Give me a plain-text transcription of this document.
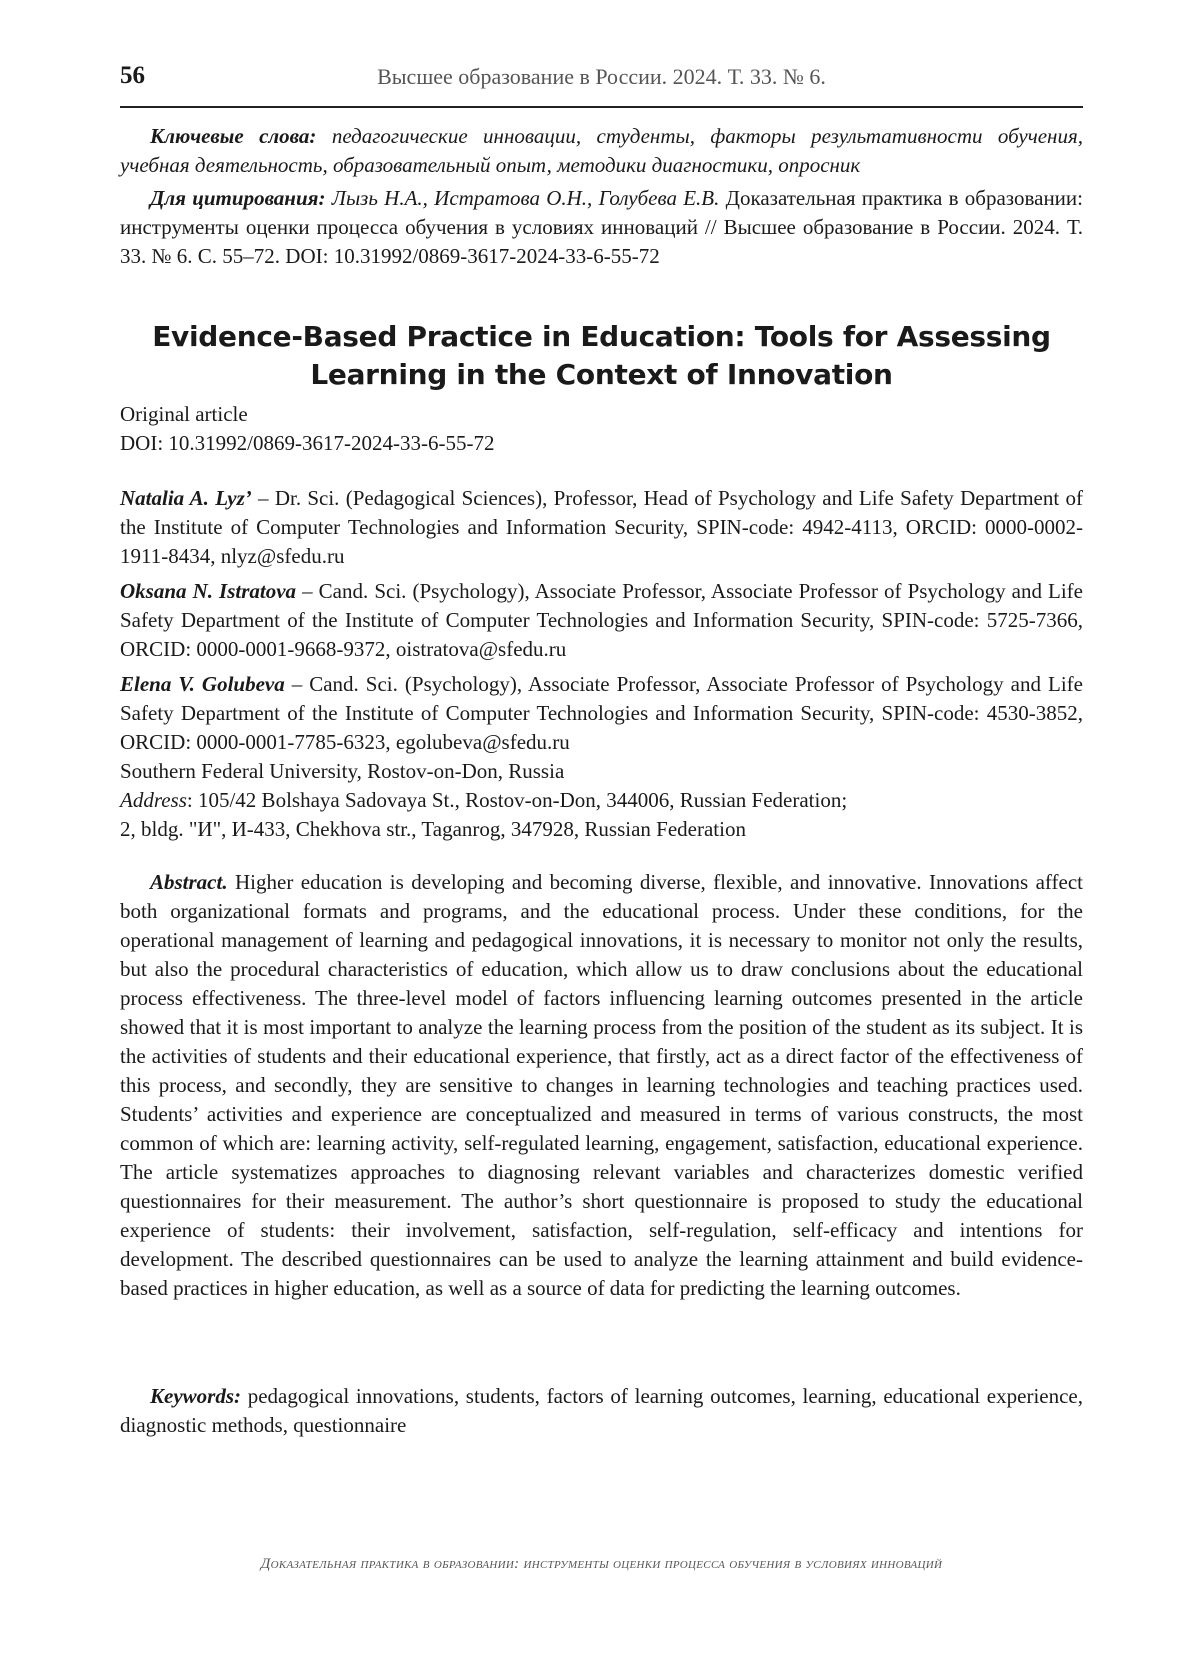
56	Высшее образование в России. 2024. Т. 33. № 6.
Ключевые слова: педагогические инновации, студенты, факторы результативности обучения, учебная деятельность, образовательный опыт, методики диагностики, опросник
Для цитирования: Лызь Н.А., Истратова О.Н., Голубева Е.В. Доказательная практика в образовании: инструменты оценки процесса обучения в условиях инноваций // Высшее образование в России. 2024. Т. 33. № 6. С. 55–72. DOI: 10.31992/0869-3617-2024-33-6-55-72
Evidence-Based Practice in Education: Tools for Assessing Learning in the Context of Innovation

Original article

DOI: 10.31992/0869-3617-2024-33-6-55-72

Natalia A. Lyz’ – Dr. Sci. (Pedagogical Sciences), Professor, Head of Psychology and Life Safety Department of the Institute of Computer Technologies and Information Security, SPIN-code: 4942-4113, ORCID: 0000-0002-1911-8434, nlyz@sfedu.ru

Oksana N. Istratova – Cand. Sci. (Psychology), Associate Professor, Associate Professor of Psychology and Life Safety Department of the Institute of Computer Technologies and Information Security, SPIN-code: 5725-7366, ORCID: 0000-0001-9668-9372, oistratova@sfedu.ru

Elena V. Golubeva – Cand. Sci. (Psychology), Associate Professor, Associate Professor of Psychology and Life Safety Department of the Institute of Computer Technologies and Information Security, SPIN-code: 4530-3852, ORCID: 0000-0001-7785-6323, egolubeva@sfedu.ru

Southern Federal University, Rostov-on-Don, Russia

Address: 105/42 Bolshaya Sadovaya St., Rostov-on-Don, 344006, Russian Federation;

2, bldg. "И", И-433, Chekhova str., Taganrog, 347928, Russian Federation

Abstract. Higher education is developing and becoming diverse, flexible, and innovative. Innovations affect both organizational formats and programs, and the educational process. Under these conditions, for the operational management of learning and pedagogical innovations, it is necessary to monitor not only the results, but also the procedural characteristics of education, which allow us to draw conclusions about the educational process effectiveness. The three-level model of factors influencing learning outcomes presented in the article showed that it is most important to analyze the learning process from the position of the student as its subject. It is the activities of students and their educational experience, that firstly, act as a direct factor of the effectiveness of this process, and secondly, they are sensitive to changes in learning technologies and teaching practices used. Students’ activities and experience are conceptualized and measured in terms of various constructs, the most common of which are: learning activity, self-regulated learning, engagement, satisfaction, educational experience. The article systematizes approaches to diagnosing relevant variables and characterizes domestic verified questionnaires for their measurement. The author’s short questionnaire is proposed to study the educational experience of students: their involvement, satisfaction, self-regulation, self-efficacy and intentions for development. The described questionnaires can be used to analyze the learning attainment and build evidence-based practices in higher education, as well as a source of data for predicting the learning outcomes.
Keywords: pedagogical innovations, students, factors of learning outcomes, learning, educational experience, diagnostic methods, questionnaire
Доказательная практика в образовании: инструменты оценки процесса обучения в условиях инноваций
